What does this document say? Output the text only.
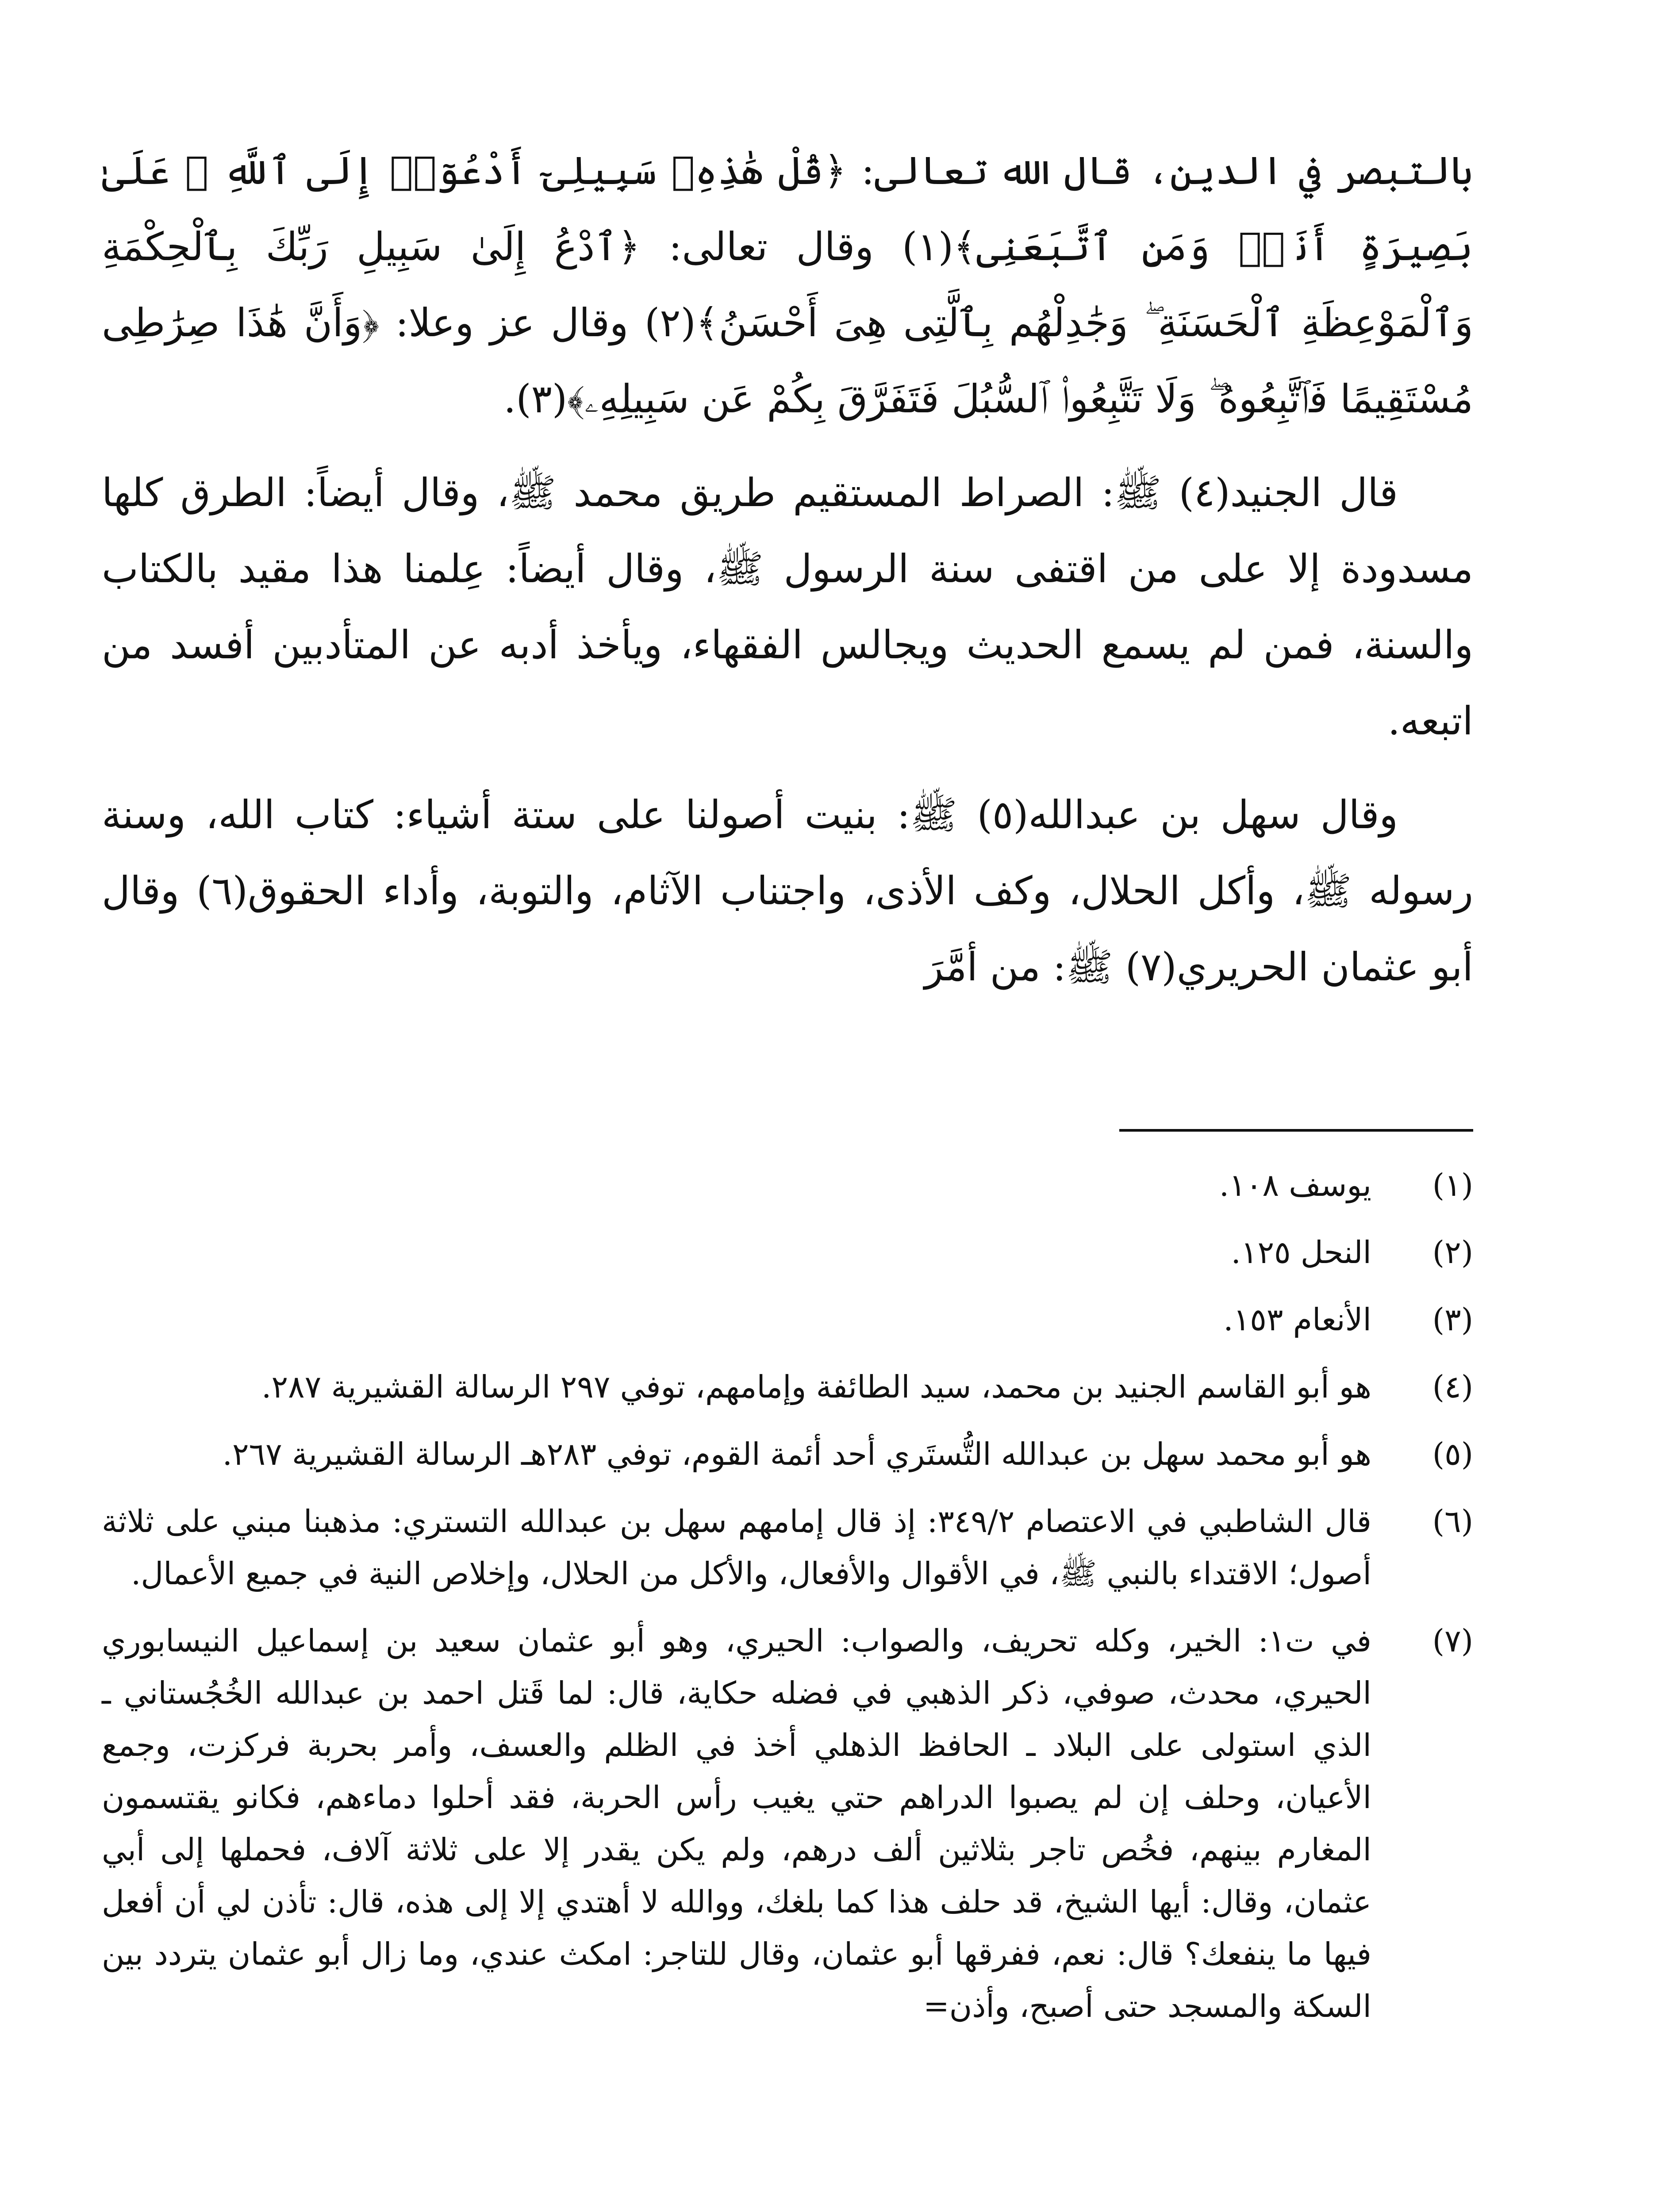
بالتبصر في الدين، قال الله تعالى: ﴿قُلْ هَٰذِهِۦ سَبِيلِىٓ أَدْعُوٓا۟ إِلَى ٱللَّهِ ۚ عَلَىٰ بَصِيرَةٍ أَنَا۠ وَمَنِ ٱتَّبَعَنِى﴾(١) وقال تعالى: ﴿ٱدْعُ إِلَىٰ سَبِيلِ رَبِّكَ بِٱلْحِكْمَةِ وَٱلْمَوْعِظَةِ ٱلْحَسَنَةِ ۖ وَجَٰدِلْهُم بِٱلَّتِى هِىَ أَحْسَنُ﴾(٢) وقال عز وعلا: ﴿وَأَنَّ هَٰذَا صِرَٰطِى مُسْتَقِيمًا فَٱتَّبِعُوهُ ۖ وَلَا تَتَّبِعُوا۟ ٱلسُّبُلَ فَتَفَرَّقَ بِكُمْ عَن سَبِيلِهِۦ﴾(٣).

قال الجنيد(٤) ﷺ: الصراط المستقيم طريق محمد ﷺ، وقال أيضاً: الطرق كلها مسدودة إلا على من اقتفى سنة الرسول ﷺ، وقال أيضاً: عِلمنا هذا مقيد بالكتاب والسنة، فمن لم يسمع الحديث ويجالس الفقهاء، ويأخذ أدبه عن المتأدبين أفسد من اتبعه.

وقال سهل بن عبدالله(٥) ﷺ: بنيت أصولنا على ستة أشياء: كتاب الله، وسنة رسوله ﷺ، وأكل الحلال، وكف الأذى، واجتناب الآثام، والتوبة، وأداء الحقوق(٦) وقال أبو عثمان الحريري(٧) ﷺ: من أمَّرَ

(١)
يوسف ١٠٨.
(٢)
النحل ١٢٥.
(٣)
الأنعام ١٥٣.
(٤)
هو أبو القاسم الجنيد بن محمد، سيد الطائفة وإمامهم، توفي ٢٩٧ الرسالة القشيرية ٢٨٧.
(٥)
هو أبو محمد سهل بن عبدالله التُّستَري أحد أئمة القوم، توفي ٢٨٣هـ الرسالة القشيرية ٢٦٧.
(٦)
قال الشاطبي في الاعتصام ٣٤٩/٢: إذ قال إمامهم سهل بن عبدالله التستري: مذهبنا مبني على ثلاثة أصول؛ الاقتداء بالنبي ﷺ، في الأقوال والأفعال، والأكل من الحلال، وإخلاص النية في جميع الأعمال.
(٧)
في ت١: الخير، وكله تحريف، والصواب: الحيري، وهو أبو عثمان سعيد بن إسماعيل النيسابوري الحيري، محدث، صوفي، ذكر الذهبي في فضله حكاية، قال: لما قَتل احمد بن عبدالله الخُجُستاني ـ الذي استولى على البلاد ـ الحافظ الذهلي أخذ في الظلم والعسف، وأمر بحربة فركزت، وجمع الأعيان، وحلف إن لم يصبوا الدراهم حتي يغيب رأس الحربة، فقد أحلوا دماءهم، فكانو يقتسمون المغارم بينهم، فخُص تاجر بثلاثين ألف درهم، ولم يكن يقدر إلا على ثلاثة آلاف، فحملها إلى أبي عثمان، وقال: أيها الشيخ، قد حلف هذا كما بلغك، ووالله لا أهتدي إلا إلى هذه، قال: تأذن لي أن أفعل فيها ما ينفعك؟ قال: نعم، ففرقها أبو عثمان، وقال للتاجر: امكث عندي، وما زال أبو عثمان يتردد بين السكة والمسجد حتى أصبح، وأذن=
